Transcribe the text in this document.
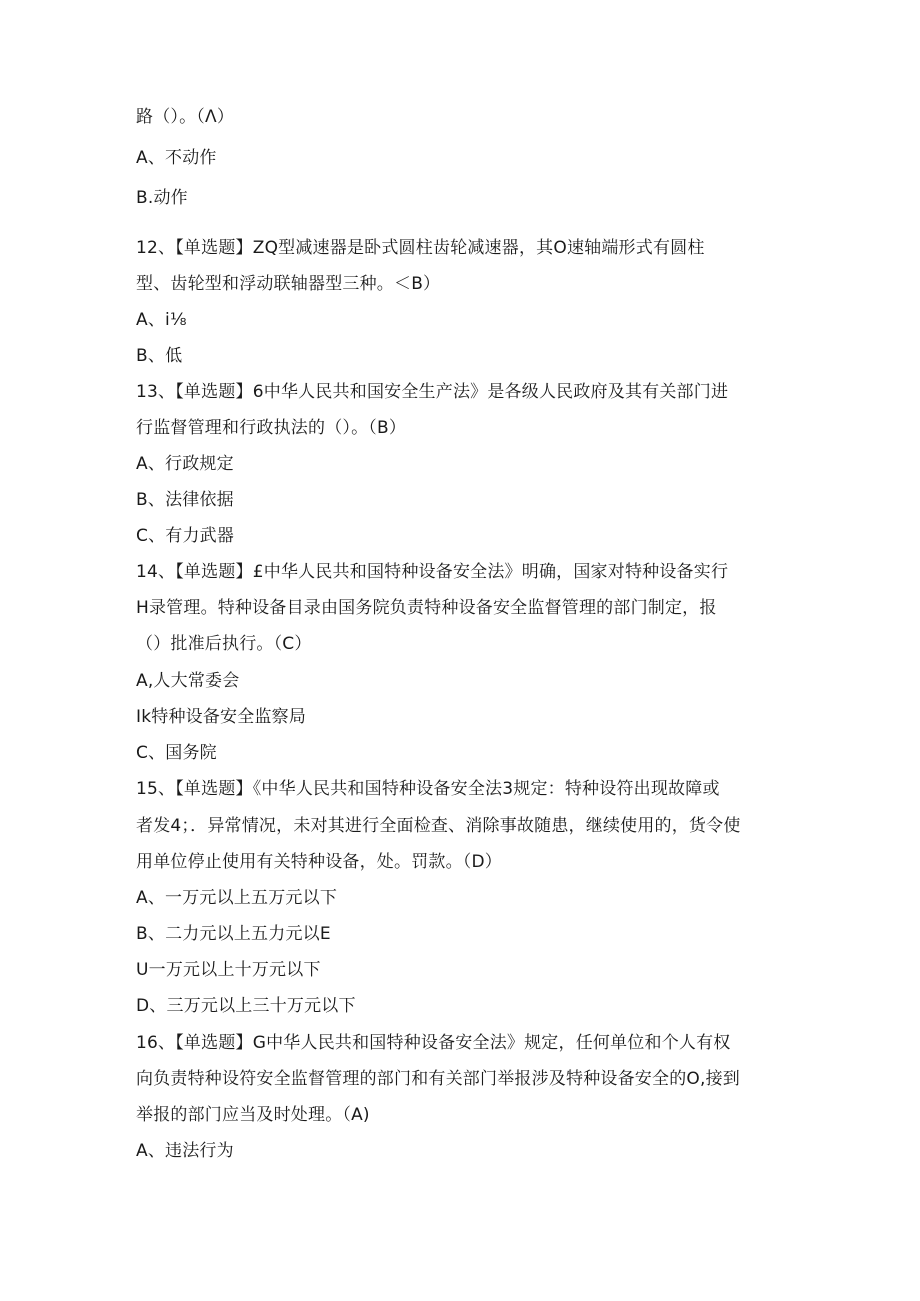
路（）。（Λ）
A、不动作
B.动作
12、【单选题】ZQ型减速器是卧式圆柱齿轮减速器，其O速轴端形式有圆柱
型、齿轮型和浮动联轴器型三种。＜B）
A、i⅛
B、低
13、【单选题】6中华人民共和国安全生产法》是各级人民政府及其有关部门进
行监督管理和行政执法的（）。（B）
A、行政规定
B、法律依据
C、有力武器
14、【单选题】£中华人民共和国特种设备安全法》明确，国家对特种设备实行
H录管理。特种设备目录由国务院负责特种设备安全监督管理的部门制定，报
（）批准后执行。（C）
A,人大常委会
Ik特种设备安全监察局
C、国务院
15、【单选题】《中华人民共和国特种设备安全法3规定：特种设符出现故障或
者发4；．异常情况，未对其进行全面检查、消除事故随患，继续使用的，货令使
用单位停止使用有关特种设备，处。罚款。（D）
A、一万元以上五万元以下
B、二力元以上五力元以E
U一万元以上十万元以下
D、三万元以上三十万元以下
16、【单选题】G中华人民共和国特种设备安全法》规定，任何单位和个人有权
向负责特种设符安全监督管理的部门和有关部门举报涉及特种设备安全的O,接到
举报的部门应当及时处理。（A)
A、违法行为
